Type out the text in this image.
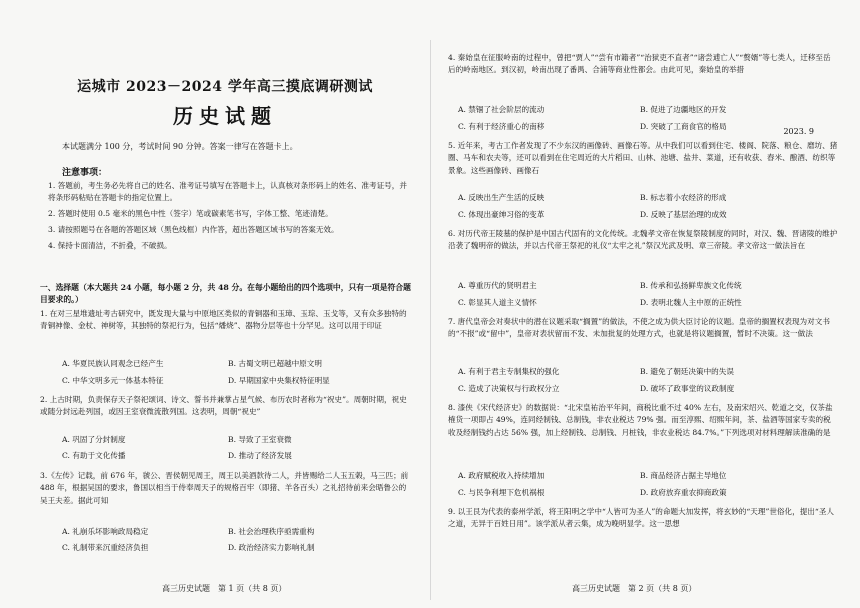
运城市 2023－2024 学年高三摸底调研测试
历史试题
2023. 9
本试题满分 100 分，考试时间 90 分钟。答案一律写在答题卡上。
注意事项：
1. 答题前，考生务必先将自己的姓名、准考证号填写在答题卡上，认真核对条形码上的姓名、准考证号，并将条形码粘贴在答题卡的指定位置上。
2. 答题时使用 0.5 毫米的黑色中性（签字）笔或碳素笔书写，字体工整、笔迹清楚。
3. 请按照题号在各题的答题区域（黑色线框）内作答，超出答题区域书写的答案无效。
4. 保持卡面清洁，不折叠，不破损。
一、选择题（本大题共 24 小题，每小题 2 分，共 48 分。在每小题给出的四个选项中，只有一项是符合题目要求的。）
1. 在对三星堆遗址考古研究中，既发现大量与中原地区类似的青铜器和玉璋、玉琮、玉戈等，又有众多独特的青铜神像、金杖、神树等，其独特的祭祀行为，包括“燔烧”、器物分层等也十分罕见。这可以用于印证
A. 华夏民族认同观念已经产生	B. 古蜀文明已超越中原文明
C. 中华文明多元一体基本特征	D. 早期国家中央集权特征明显
2. 上古时期，负责保存天子祭祀颂词、诗文、誓书并兼掌占星气候、布历农时者称为“祝史”。周朝时期，祝史或随分封远赴列国，或因王室衰微流散列国。这表明，周朝“祝史”
A. 巩固了分封制度	B. 导致了王室衰微
C. 有助于文化传播	D. 推动了经济发展
3.《左传》记载，前 676 年，虢公、晋侯朝见周王，周王以美酒款待二人，并皆赐给二人玉五榖，马三匹；前 488 年，根据吴国的要求，鲁国以相当于侍奉周天子的规格百牢（即猪、羊各百头）之礼招待前来会晤鲁公的吴王夫差。据此可知
A. 礼崩乐坏影响政局稳定	B. 社会治理秩序亟需重构
C. 礼制带来沉重经济负担	D. 政治经济实力影响礼制
高三历史试题　第 1 页（共 8 页）
4. 秦始皇在征服岭南的过程中，曾把“贾人”“尝有市籍者”“治狱吏不直者”“诸尝逋亡人”“赘婿”等七类人，迁移至岳后的岭南地区。到汉初，岭南出现了番禺、合浦等商业性都会。由此可见，秦始皇的举措
A. 禁锢了社会阶层的流动	B. 促进了边疆地区的开发
C. 有利于经济重心的南移	D. 突破了工商食官的格局
5. 近年来，考古工作者发现了不少东汉的画像砖、画像石等。从中我们可以看到住宅、楼阁、院落、粮仓、磨坊、猪圈、马车和农夫等，还可以看到在住宅周近的大片稻田、山林、池塘、盐井、菜道，还有收获、舂米、酿酒、纺织等景象。这些画像砖、画像石
A. 反映出生产生活的反映	B. 标志着小农经济的形成
C. 体现出豪绅习俗的变革	D. 反映了基层治理的成效
6. 对历代帝王陵墓的保护是中国古代固有的文化传统。北魏孝文帝在恢复祭陵制度的同时，对汉、魏、晋诸陵的维护沿袭了魏明帝的做法，并以古代帝王祭祀的礼仪“太牢之礼”祭汉光武及明、章三帝陵。孝文帝这一做法旨在
A. 尊重历代的贤明君主	B. 传承和弘扬鲜卑族文化传统
C. 彰显其人道主义情怀	D. 表明北魏人主中原的正统性
7. 唐代皇帝会对奏状中的潜在议题采取“搁置”的做法，不使之成为供大臣讨论的议题。皇帝的搁置权表现为对文书的“不报”或“留中”，皇帝对表状留而不发、未加批复的处理方式，也就是将议题搁置，暂时不决策。这一做法
A. 有利于君主专制集权的强化	B. 避免了朝廷决策中的失误
C. 造成了决策权与行政权分立	D. 破坏了政事堂的议政制度
8. 漆侠《宋代经济史》的数据说：“北宋皇祐治平年间，商税比重不过 40% 左右，及南宋绍兴、乾道之交，仅茶盐榷货一项即占 49%，连同经制钱、总制钱，非农业税达 79% 强。而至淳熙、绍熙年间，茶、盐酒等国家专卖的税收及经制钱约占达 56% 强，加上经制钱、总制钱、月桩钱，非农业税达 84.7%。”下列选项对材料理解读准确的是
A. 政府赋税收入持续增加	B. 商品经济占据主导地位
C. 与民争利埋下危机祸根	D. 政府放弃重农抑商政策
9. 以王艮为代表的泰州学派，将王阳明之学中“人皆可为圣人”的命题大加发挥，将玄妙的“天理”世俗化，提出“圣人之道，无异于百姓日用”。该学派从者云集，成为晚明显学。这一思想
高三历史试题　第 2 页（共 8 页）
